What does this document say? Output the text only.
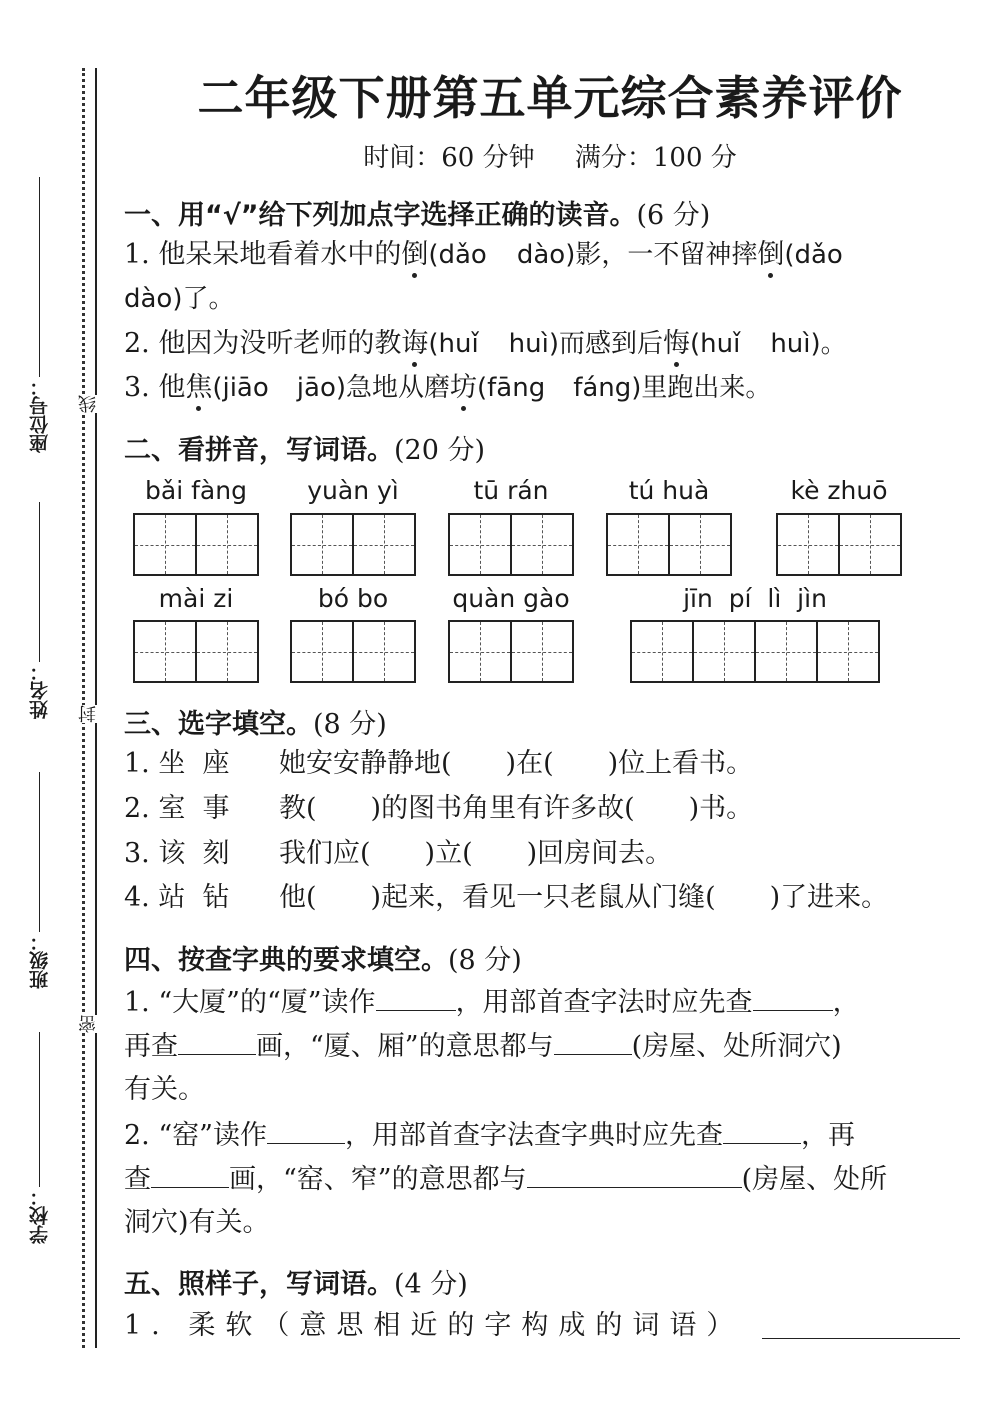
座位号：
姓名：
班级：
学校：
线
封
密
二年级下册第五单元综合素养评价
时间：60 分钟 满分：100 分
一、用“√”给下列加点字选择正确的读音。(6 分)
1. 他呆呆地看着水中的倒(dǎo dào)影，一不留神摔倒(dǎo
dào)了。
2. 他因为没听老师的教诲(huǐ huì)而感到后悔(huǐ huì)。
3. 他焦(jiāo jāo)急地从磨坊(fāng fáng)里跑出来。
二、看拼音，写词语。(20 分)
bǎi fàng	yuàn yì	tū rán	tú huà	kè zhuō
mài zi	bó bo	quàn gào	jīn  pí  lì  jìn
三、选字填空。(8 分)
1. 坐  座 她安安静静地(　　)在(　　)位上看书。
2. 室  事 教(　　)的图书角里有许多故(　　)书。
3. 该  刻 我们应(　　)立(　　)回房间去。
4. 站  钻 他(　　)起来，看见一只老鼠从门缝(　　)了进来。
四、按查字典的要求填空。(8 分)
1. “大厦”的“厦”读作	，用部首查字法时应先查	，
再查	画，“厦、厢”的意思都与	(房屋、处所洞穴)
有关。
2. “窑”读作	，用部首查字法查字典时应先查	，再
查	画，“窑、窄”的意思都与	(房屋、处所
洞穴)有关。
五、照样子，写词语。(4 分)
1. 柔软（意思相近的字构成的词语）
